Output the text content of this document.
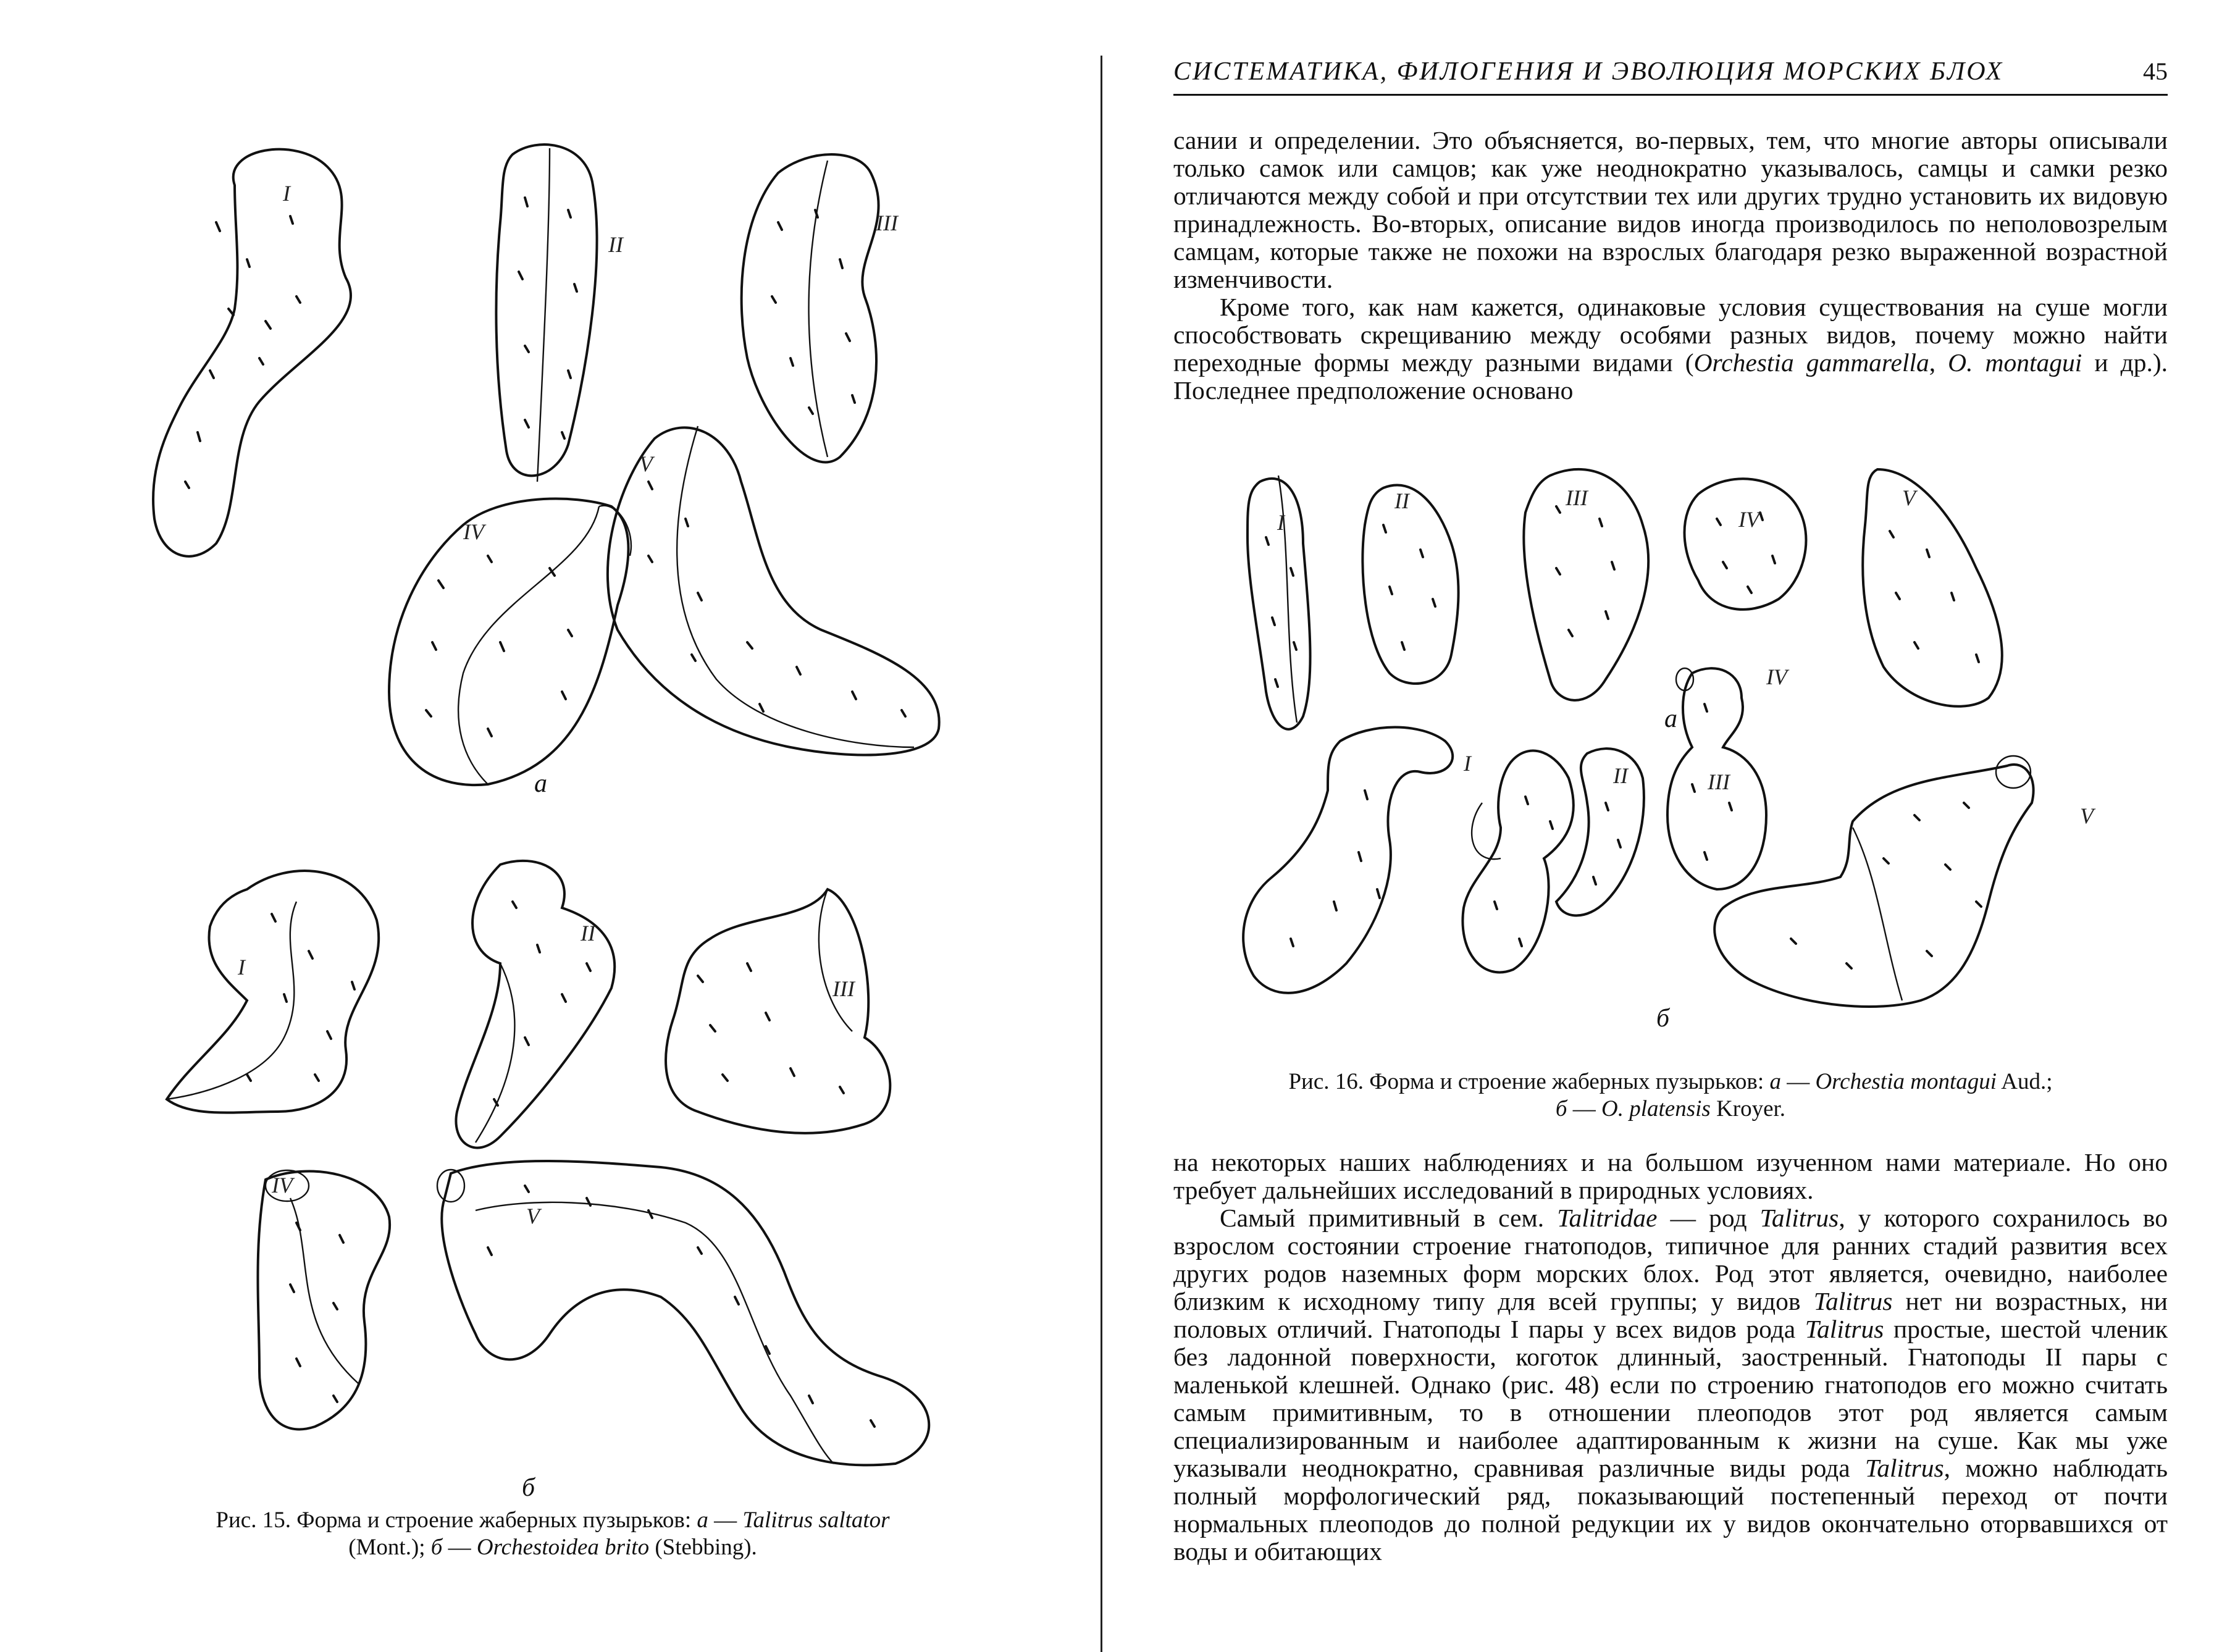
I
II
III
IV
V
а
I
II
III
IV
V
б
Рис. 15. Форма и строение жаберных пузырьков: а — Talitrus saltator
(Mont.); б — Orchestoidea brito (Stebbing).
СИСТЕМАТИКА, ФИЛОГЕНИЯ И ЭВОЛЮЦИЯ МОРСКИХ БЛОХ	45

сании и определении. Это объясняется, во-первых, тем, что многие авторы описывали только самок или самцов; как уже неоднократно указывалось, самцы и самки резко отличаются между собой и при отсутствии тех или других трудно установить их видовую принадлежность. Во-вторых, описание видов иногда производилось по неполовозрелым самцам, которые также не похожи на взрослых благодаря резко выраженной возрастной изменчивости.

Кроме того, как нам кажется, одинаковые условия существования на суше могли способствовать скрещиванию между особями разных видов, почему можно найти переходные формы между разными видами (Orchestia gammarella, O. montagui и др.). Последнее предположение основано

I
II	III
IV
V
а
I	II	III
IV
V
б
Рис. 16. Форма и строение жаберных пузырьков: а — Orchestia montagui Aud.;
б — O. platensis Kroyer.

на некоторых наших наблюдениях и на большом изученном нами материале. Но оно требует дальнейших исследований в природных условиях.

Самый примитивный в сем. Talitridae — род Talitrus, у которого сохранилось во взрослом состоянии строение гнатоподов, типичное для ранних стадий развития всех других родов наземных форм морских блох. Род этот является, очевидно, наиболее близким к исходному типу для всей группы; у видов Talitrus нет ни возрастных, ни половых отличий. Гнатоподы I пары у всех видов рода Talitrus простые, шестой членик без ладонной поверхности, коготок длинный, заостренный. Гнатоподы II пары с маленькой клешней. Однако (рис. 48) если по строению гнатоподов его можно считать самым примитивным, то в отношении плеоподов этот род является самым специализированным и наиболее адаптированным к жизни на суше. Как мы уже указывали неоднократно, сравнивая различные виды рода Talitrus, можно наблюдать полный морфологический ряд, показывающий постепенный переход от почти нормальных плеоподов до полной редукции их у видов окончательно оторвавшихся от воды и обитающих
